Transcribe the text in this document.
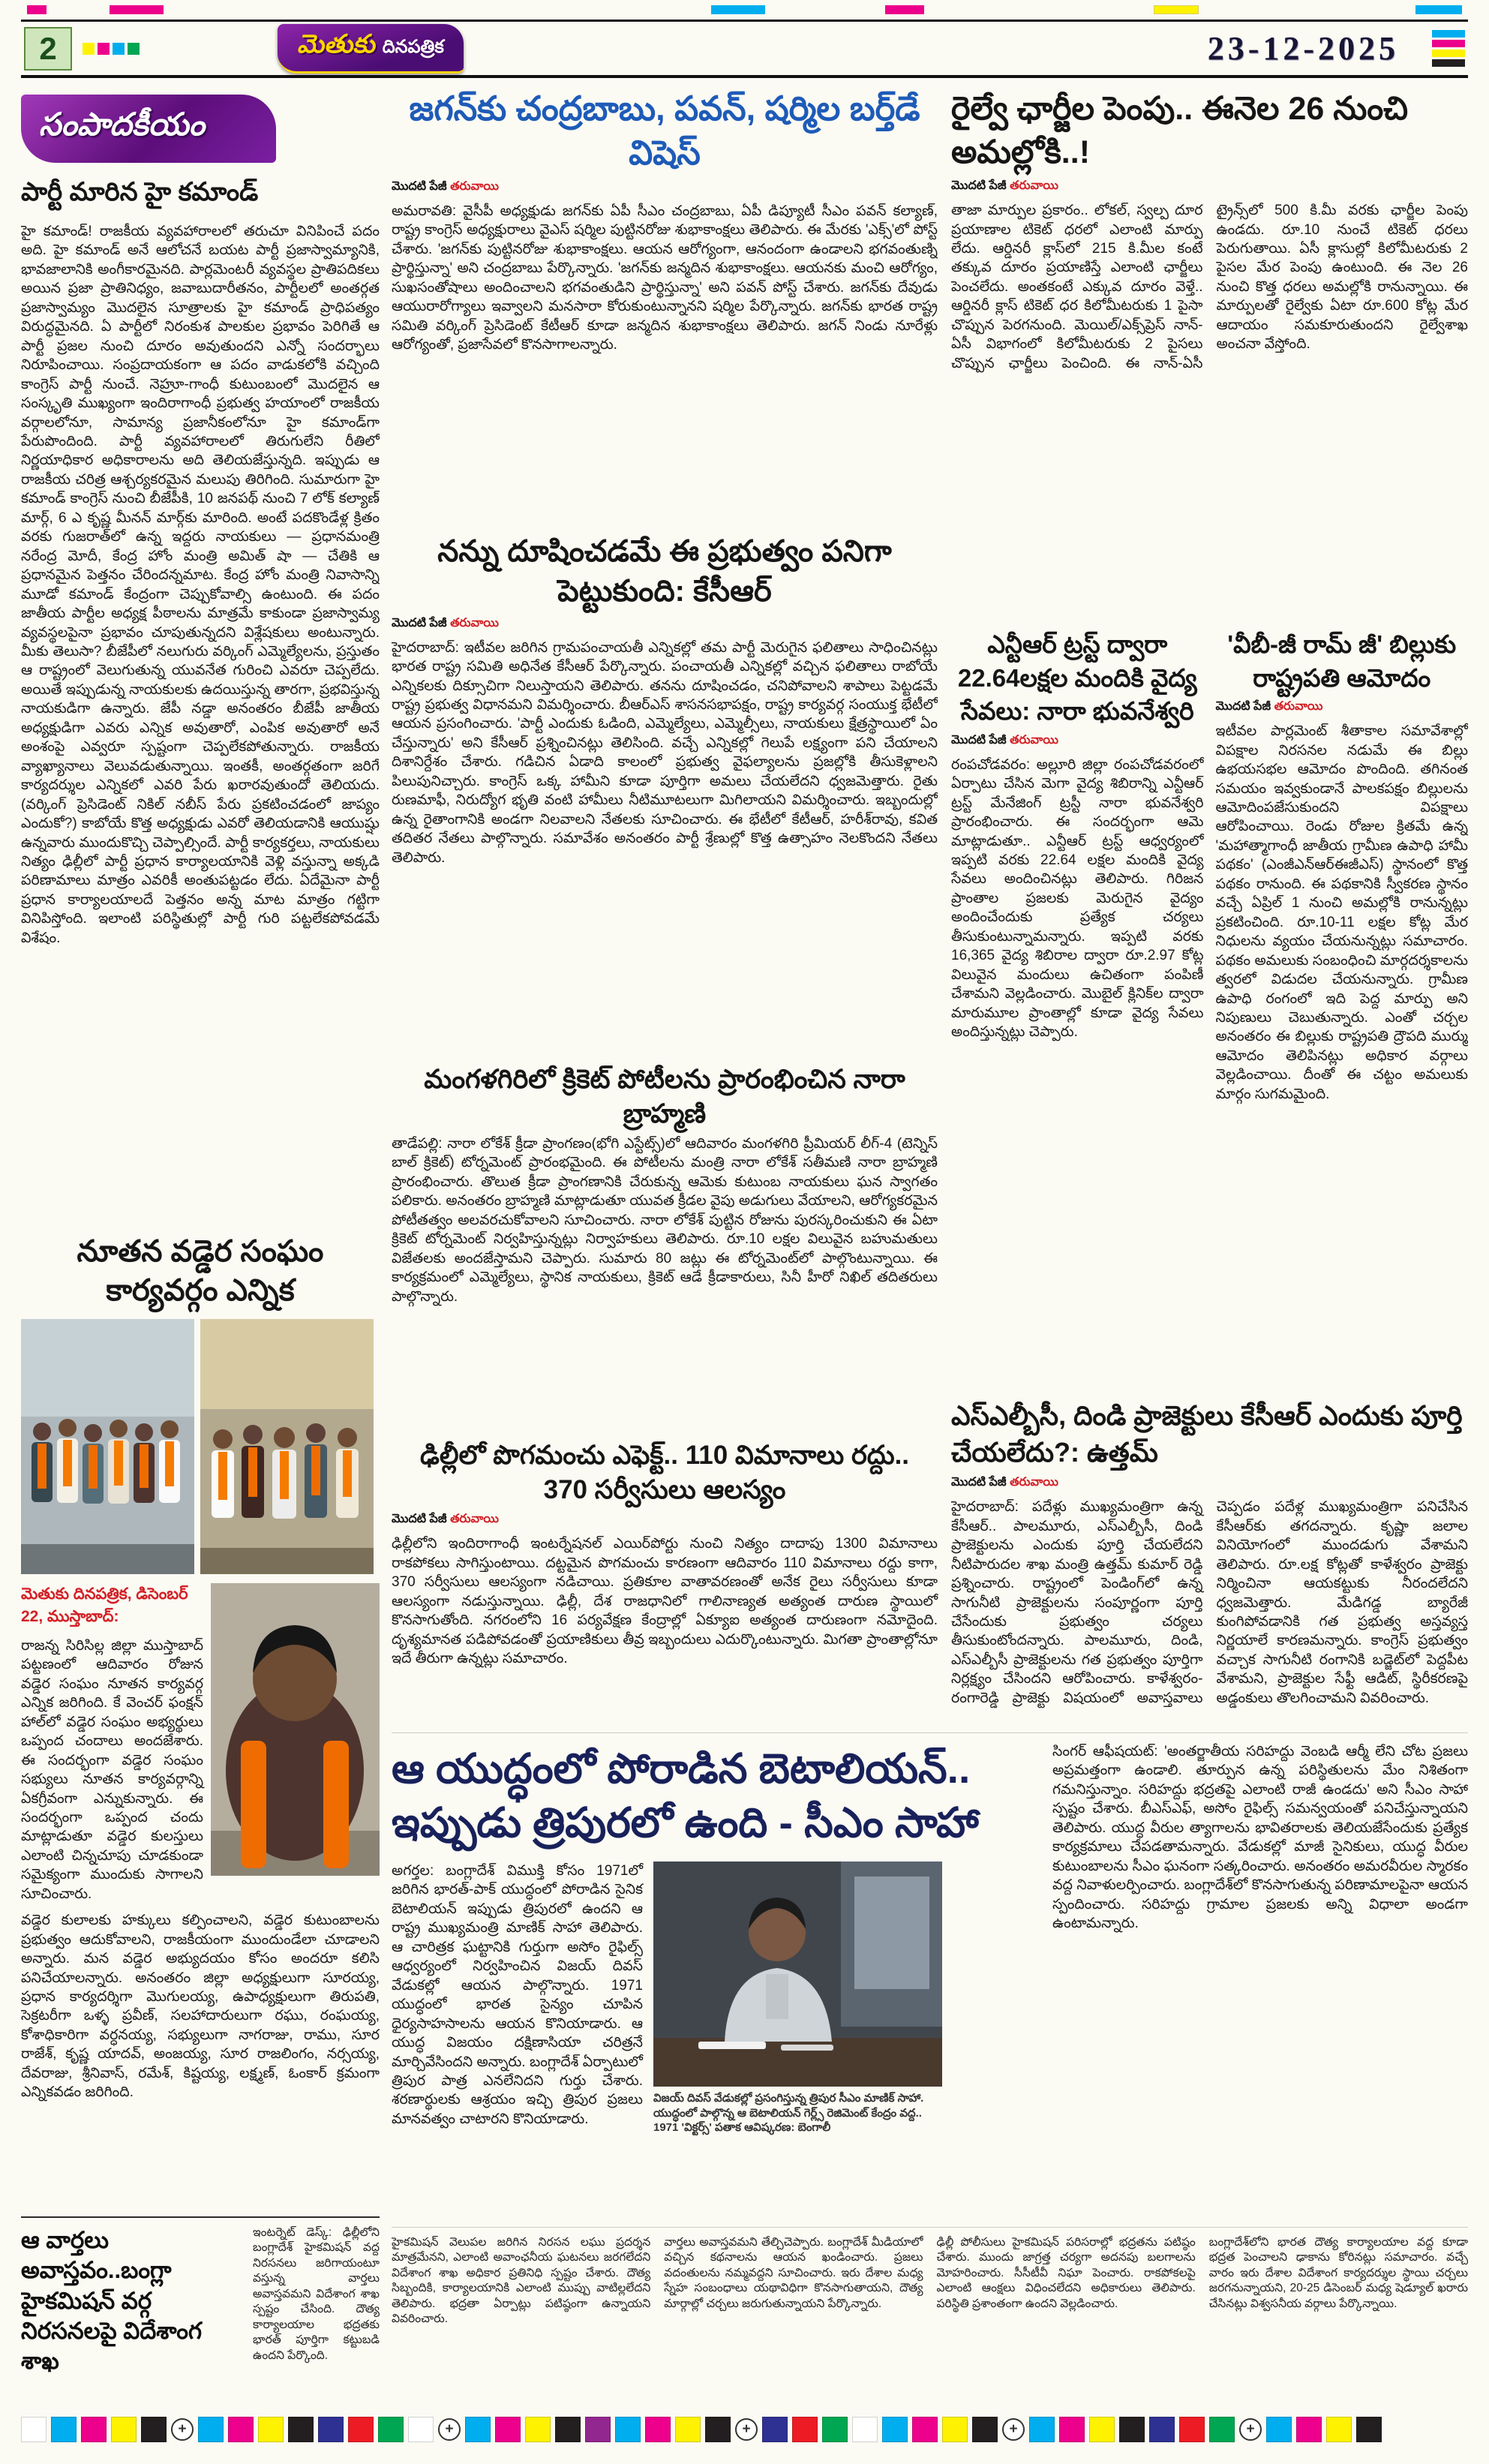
2	మెతుకు దినపత్రిక	23-12-2025
సంపాదకీయం
పార్టీ మారిన హై కమాండ్
హై కమాండ్! రాజకీయ వ్యవహారాలలో తరుచూ వినిపించే పదం అది. హై కమాండ్ అనే ఆలోచనే బయట పార్టీ ప్రజాస్వామ్యానికి, భావజాలానికి అంగీకారమైనది. పార్లమెంటరీ వ్యవస్థల ప్రాతిపదికలు అయిన ప్రజా ప్రాతినిధ్యం, జవాబుదారీతనం, పార్టీలలో అంతర్గత ప్రజాస్వామ్యం మొదలైన సూత్రాలకు హై కమాండ్ ప్రాధిపత్యం విరుద్ధమైనది. ఏ పార్టీలో నిరంకుశ పాలకుల ప్రభావం పెరిగితే ఆ పార్టీ ప్రజల నుంచి దూరం అవుతుందని ఎన్నో సందర్భాలు నిరూపించాయి. సంప్రదాయకంగా ఆ పదం వాడుకలోకి వచ్చింది కాంగ్రెస్ పార్టీ నుంచే. నెహ్రూ-గాంధీ కుటుంబంలో మొదలైన ఆ సంస్కృతి ముఖ్యంగా ఇందిరాగాంధీ ప్రభుత్వ హయాంలో రాజకీయ వర్గాలలోనూ, సామాన్య ప్రజానీకంలోనూ హై కమాండ్‌గా పేరుపొందింది. పార్టీ వ్యవహారాలలో తిరుగులేని రీతిలో నిర్ణయాధికార అధికారాలను అది తెలియజేస్తున్నది. ఇప్పుడు ఆ రాజకీయ చరిత్ర ఆశ్చర్యకరమైన మలుపు తిరిగింది. సుమారుగా హై కమాండ్ కాంగ్రెస్ నుంచి బీజేపీకి, 10 జనపథ్ నుంచి 7 లోక్ కల్యాణ్ మార్గ్, 6 ఎ కృష్ణ మీనన్ మార్గ్‌కు మారింది. అంటే పదకొండేళ్ల క్రితం వరకు గుజరాత్‌లో ఉన్న ఇద్దరు నాయకులు — ప్రధానమంత్రి నరేంద్ర మోదీ, కేంద్ర హోం మంత్రి అమిత్ షా — చేతికి ఆ ప్రధానమైన పెత్తనం చేరిందన్నమాట. కేంద్ర హోం మంత్రి నివాసాన్ని మూడో కమాండ్ కేంద్రంగా చెప్పుకోవాల్సి ఉంటుంది. ఈ పదం జాతీయ పార్టీల అధ్యక్ష పీఠాలను మాత్రమే కాకుండా ప్రజాస్వామ్య వ్యవస్థలపైనా ప్రభావం చూపుతున్నదని విశ్లేషకులు అంటున్నారు. మీకు తెలుసా? బీజేపీలో నలుగురు వర్కింగ్ ఎమ్మెల్యేలను, ప్రస్తుతం ఆ రాష్ట్రంలో వెలుగుతున్న యువనేత గురించి ఎవరూ చెప్పలేదు. అయితే ఇప్పుడున్న నాయకులకు ఉదయిస్తున్న తారగా, ప్రభవిస్తున్న నాయకుడిగా ఉన్నారు. జేపీ నడ్డా అనంతరం బీజేపీ జాతీయ అధ్యక్షుడిగా ఎవరు ఎన్నిక అవుతారో, ఎంపిక అవుతారో అనే అంశంపై ఎవ్వరూ స్పష్టంగా చెప్పలేకపోతున్నారు. రాజకీయ వ్యాఖ్యానాలు వెలువడుతున్నాయి. ఇంతకీ, అంతర్గతంగా జరిగే కార్యదర్శుల ఎన్నికలో ఎవరి పేరు ఖరారవుతుందో తెలియదు. (వర్కింగ్ ప్రెసిడెంట్ నికిల్ నబీస్ పేరు ప్రకటించడంలో జాప్యం ఎందుకో?) కాబోయే కొత్త అధ్యక్షుడు ఎవరో తెలియడానికి ఆయుష్షు ఉన్నవారు ముందుకొచ్చి చెప్పాల్సిందే. పార్టీ కార్యకర్తలు, నాయకులు నిత్యం ఢిల్లీలో పార్టీ ప్రధాన కార్యాలయానికి వెళ్లి వస్తున్నా అక్కడి పరిణామాలు మాత్రం ఎవరికీ అంతుపట్టడం లేదు. ఏదేమైనా పార్టీ ప్రధాన కార్యాలయాలదే పెత్తనం అన్న మాట మాత్రం గట్టిగా వినిపిస్తోంది. ఇలాంటి పరిస్థితుల్లో పార్టీ గురి పట్టలేకపోవడమే విశేషం.
నూతన వడ్డెర సంఘం కార్యవర్గం ఎన్నిక
మెతుకు దినపత్రిక, డిసెంబర్ 22, ముస్తాబాద్:

రాజన్న సిరిసిల్ల జిల్లా ముస్తాబాద్ పట్టణంలో ఆదివారం రోజున వడ్డెర సంఘం నూతన కార్యవర్గ ఎన్నిక జరిగింది. కే వెంచర్ ఫంక్షన్ హాల్‌లో వడ్డెర సంఘం అభ్యర్థులు ఒప్పంద చందాలు అందజేశారు. ఈ సందర్భంగా వడ్డెర సంఘం సభ్యులు నూతన కార్యవర్గాన్ని ఏకగ్రీవంగా ఎన్నుకున్నారు. ఈ సందర్భంగా ఒప్పంద చందు మాట్లాడుతూ వడ్డెర కులస్తులు ఎలాంటి చిన్నచూపు చూడకుండా సమైక్యంగా ముందుకు సాగాలని సూచించారు.

వడ్డెర కులాలకు హక్కులు కల్పించాలని, వడ్డెర కుటుంబాలను ప్రభుత్వం ఆదుకోవాలని, రాజకీయంగా ముందుండేలా చూడాలని అన్నారు. మన వడ్డెర అభ్యుదయం కోసం అందరూ కలిసి పనిచేయాలన్నారు. అనంతరం జిల్లా అధ్యక్షులుగా సూరయ్య, ప్రధాన కార్యదర్శిగా మొగులయ్య, ఉపాధ్యక్షులుగా తిరుపతి, సెక్రటరీగా ఒళ్ళ ప్రవీణ్, సలహాదారులుగా రఘు, రంఘయ్య, కోశాధికారిగా వర్ధనయ్య, సభ్యులుగా నాగరాజు, రాము, సూర రాజేశ్, కృష్ణ యాదవ్, అంజయ్య, సూర రాజలింగం, నర్సయ్య, దేవరాజు, శ్రీనివాస్, రమేశ్, కిష్టయ్య, లక్ష్మణ్, ఓంకార్ క్రమంగా ఎన్నికవడం జరిగింది.

ఆ వార్తలు అవాస్తవం..బంగ్లా హైకమిషన్ వర్గ నిరసనలపై విదేశాంగ శాఖ

ఇంటర్నెట్ డెస్క్: ఢిల్లీలోని బంగ్లాదేశ్ హైకమిషన్ వద్ద నిరసనలు జరిగాయంటూ వస్తున్న వార్తలు అవాస్తవమని విదేశాంగ శాఖ స్పష్టం చేసింది. దౌత్య కార్యాలయాల భద్రతకు భారత్ పూర్తిగా కట్టుబడి ఉందని పేర్కొంది.

జగన్‌కు చంద్రబాబు, పవన్, షర్మిల బర్త్‌డే విషెస్
మొదటి పేజీ తరువాయి
అమరావతి: వైసీపీ అధ్యక్షుడు జగన్‌కు ఏపీ సీఎం చంద్రబాబు, ఏపీ డిప్యూటీ సీఎం పవన్ కల్యాణ్, రాష్ట్ర కాంగ్రెస్ అధ్యక్షురాలు వైఎస్ షర్మిల పుట్టినరోజు శుభాకాంక్షలు తెలిపారు. ఈ మేరకు 'ఎక్స్'లో పోస్ట్ చేశారు. 'జగన్‌కు పుట్టినరోజు శుభాకాంక్షలు. ఆయన ఆరోగ్యంగా, ఆనందంగా ఉండాలని భగవంతుణ్ని ప్రార్థిస్తున్నా' అని చంద్రబాబు పేర్కొన్నారు. 'జగన్‌కు జన్మదిన శుభాకాంక్షలు. ఆయనకు మంచి ఆరోగ్యం, సుఖసంతోషాలు అందించాలని భగవంతుడిని ప్రార్థిస్తున్నా' అని పవన్ పోస్ట్ చేశారు. జగన్‌కు దేవుడు ఆయురారోగ్యాలు ఇవ్వాలని మనసారా కోరుకుంటున్నానని షర్మిల పేర్కొన్నారు. జగన్‌కు భారత రాష్ట్ర సమితి వర్కింగ్ ప్రెసిడెంట్ కేటీఆర్ కూడా జన్మదిన శుభాకాంక్షలు తెలిపారు. జగన్ నిండు నూరేళ్లు ఆరోగ్యంతో, ప్రజాసేవలో కొనసాగాలన్నారు.
నన్ను దూషించడమే ఈ ప్రభుత్వం పనిగా పెట్టుకుంది: కేసీఆర్
మొదటి పేజీ తరువాయి
హైదరాబాద్: ఇటీవల జరిగిన గ్రామపంచాయతీ ఎన్నికల్లో తమ పార్టీ మెరుగైన ఫలితాలు సాధించినట్లు భారత రాష్ట్ర సమితి అధినేత కేసీఆర్ పేర్కొన్నారు. పంచాయతీ ఎన్నికల్లో వచ్చిన ఫలితాలు రాబోయే ఎన్నికలకు దిక్సూచిగా నిలుస్తాయని తెలిపారు. తనను దూషించడం, చనిపోవాలని శాపాలు పెట్టడమే రాష్ట్ర ప్రభుత్వ విధానమని విమర్శించారు. బీఆర్ఎస్ శాసనసభాపక్షం, రాష్ట్ర కార్యవర్గ సంయుక్త భేటీలో ఆయన ప్రసంగించారు. 'పార్టీ ఎందుకు ఓడింది, ఎమ్మెల్యేలు, ఎమ్మెల్సీలు, నాయకులు క్షేత్రస్థాయిలో ఏం చేస్తున్నారు' అని కేసీఆర్ ప్రశ్నించినట్లు తెలిసింది. వచ్చే ఎన్నికల్లో గెలుపే లక్ష్యంగా పని చేయాలని దిశానిర్దేశం చేశారు. గడిచిన ఏడాది కాలంలో ప్రభుత్వ వైఫల్యాలను ప్రజల్లోకి తీసుకెళ్లాలని పిలుపునిచ్చారు. కాంగ్రెస్ ఒక్క హామీని కూడా పూర్తిగా అమలు చేయలేదని ధ్వజమెత్తారు. రైతు రుణమాఫీ, నిరుద్యోగ భృతి వంటి హామీలు నీటిమూటలుగా మిగిలాయని విమర్శించారు. ఇబ్బందుల్లో ఉన్న రైతాంగానికి అండగా నిలవాలని నేతలకు సూచించారు. ఈ భేటీలో కేటీఆర్, హరీశ్‌రావు, కవిత తదితర నేతలు పాల్గొన్నారు. సమావేశం అనంతరం పార్టీ శ్రేణుల్లో కొత్త ఉత్సాహం నెలకొందని నేతలు తెలిపారు.
మంగళగిరిలో క్రికెట్ పోటీలను ప్రారంభించిన నారా బ్రాహ్మణి
తాడేపల్లి: నారా లోకేశ్ క్రీడా ప్రాంగణం(భోగి ఎస్టేట్స్)లో ఆదివారం మంగళగిరి ప్రీమియర్ లీగ్-4 (టెన్నిస్ బాల్ క్రికెట్) టోర్నమెంట్ ప్రారంభమైంది. ఈ పోటీలను మంత్రి నారా లోకేశ్ సతీమణి నారా బ్రాహ్మణి ప్రారంభించారు. తొలుత క్రీడా ప్రాంగణానికి చేరుకున్న ఆమెకు కుటుంబ నాయకులు ఘన స్వాగతం పలికారు. అనంతరం బ్రాహ్మణి మాట్లాడుతూ యువత క్రీడల వైపు అడుగులు వేయాలని, ఆరోగ్యకరమైన పోటీతత్వం అలవరచుకోవాలని సూచించారు. నారా లోకేశ్ పుట్టిన రోజును పురస్కరించుకుని ఈ ఏటా క్రికెట్ టోర్నమెంట్ నిర్వహిస్తున్నట్లు నిర్వాహకులు తెలిపారు. రూ.10 లక్షల విలువైన బహుమతులు విజేతలకు అందజేస్తామని చెప్పారు. సుమారు 80 జట్లు ఈ టోర్నమెంట్‌లో పాల్గొంటున్నాయి. ఈ కార్యక్రమంలో ఎమ్మెల్యేలు, స్థానిక నాయకులు, క్రికెట్ ఆడే క్రీడాకారులు, సినీ హీరో నిఖిల్ తదితరులు పాల్గొన్నారు.
ఢిల్లీలో పొగమంచు ఎఫెక్ట్.. 110 విమానాలు రద్దు.. 370 సర్వీసులు ఆలస్యం
మొదటి పేజీ తరువాయి
ఢిల్లీలోని ఇందిరాగాంధీ ఇంటర్నేషనల్ ఎయిర్‌పోర్టు నుంచి నిత్యం దాదాపు 1300 విమానాలు రాకపోకలు సాగిస్తుంటాయి. దట్టమైన పొగమంచు కారణంగా ఆదివారం 110 విమానాలు రద్దు కాగా, 370 సర్వీసులు ఆలస్యంగా నడిచాయి. ప్రతికూల వాతావరణంతో అనేక రైలు సర్వీసులు కూడా ఆలస్యంగా నడుస్తున్నాయి. ఢిల్లీ, దేశ రాజధానిలో గాలినాణ్యత అత్యంత దారుణ స్థాయిలో కొనసాగుతోంది. నగరంలోని 16 పర్యవేక్షణ కేంద్రాల్లో ఏక్యూఐ అత్యంత దారుణంగా నమోదైంది. దృశ్యమానత పడిపోవడంతో ప్రయాణికులు తీవ్ర ఇబ్బందులు ఎదుర్కొంటున్నారు. మిగతా ప్రాంతాల్లోనూ ఇదే తీరుగా ఉన్నట్లు సమాచారం.
రైల్వే ఛార్జీల పెంపు.. ఈనెల 26 నుంచి అమల్లోకి..!
మొదటి పేజీ తరువాయి
తాజా మార్పుల ప్రకారం.. లోకల్, స్వల్ప దూర ప్రయాణాల టికెట్ ధరలో ఎలాంటి మార్పు లేదు. ఆర్డినరీ క్లాస్‌లో 215 కి.మీల కంటే తక్కువ దూరం ప్రయాణిస్తే ఎలాంటి ఛార్జీలు పెంచలేదు. అంతకంటే ఎక్కువ దూరం వెళ్తే.. ఆర్డినరీ క్లాస్ టికెట్ ధర కిలోమీటరుకు 1 పైసా చొప్పున పెరగనుంది. మెయిల్/ఎక్స్‌ప్రెస్ నాన్-ఏసీ విభాగంలో కిలోమీటరుకు 2 పైసలు చొప్పున ఛార్జీలు పెంచింది. ఈ నాన్-ఏసీ ట్రైన్స్‌లో 500 కి.మీ వరకు ఛార్జీల పెంపు ఉండదు. రూ.10 నుంచే టికెట్ ధరలు పెరుగుతాయి. ఏసీ క్లాసుల్లో కిలోమీటరుకు 2 పైసల మేర పెంపు ఉంటుంది. ఈ నెల 26 నుంచి కొత్త ధరలు అమల్లోకి రానున్నాయి. ఈ మార్పులతో రైల్వేకు ఏటా రూ.600 కోట్ల మేర ఆదాయం సమకూరుతుందని రైల్వేశాఖ అంచనా వేస్తోంది.
ఎన్టీఆర్ ట్రస్ట్ ద్వారా 22.64లక్షల మందికి వైద్య సేవలు: నారా భువనేశ్వరి
మొదటి పేజీ తరువాయి
రంపచోడవరం: అల్లూరి జిల్లా రంపచోడవరంలో ఏర్పాటు చేసిన మెగా వైద్య శిబిరాన్ని ఎన్టీఆర్ ట్రస్ట్ మేనేజింగ్ ట్రస్టీ నారా భువనేశ్వరి ప్రారంభించారు. ఈ సందర్భంగా ఆమె మాట్లాడుతూ.. ఎన్టీఆర్ ట్రస్ట్ ఆధ్వర్యంలో ఇప్పటి వరకు 22.64 లక్షల మందికి వైద్య సేవలు అందించినట్లు తెలిపారు. గిరిజన ప్రాంతాల ప్రజలకు మెరుగైన వైద్యం అందించేందుకు ప్రత్యేక చర్యలు తీసుకుంటున్నామన్నారు. ఇప్పటి వరకు 16,365 వైద్య శిబిరాల ద్వారా రూ.2.97 కోట్ల విలువైన మందులు ఉచితంగా పంపిణీ చేశామని వెల్లడించారు. మొబైల్ క్లినిక్‌ల ద్వారా మారుమూల ప్రాంతాల్లో కూడా వైద్య సేవలు అందిస్తున్నట్లు చెప్పారు.
'వీబీ-జీ రామ్ జీ' బిల్లుకు రాష్ట్రపతి ఆమోదం
మొదటి పేజీ తరువాయి
ఇటీవల పార్లమెంట్ శీతాకాల సమావేశాల్లో విపక్షాల నిరసనల నడుమే ఈ బిల్లు ఉభయసభల ఆమోదం పొందింది. తగినంత సమయం ఇవ్వకుండానే పాలకపక్షం బిల్లులను ఆమోదింపజేసుకుందని విపక్షాలు ఆరోపించాయి. రెండు రోజుల క్రితమే ఉన్న 'మహాత్మాగాంధీ జాతీయ గ్రామీణ ఉపాధి హామీ పథకం' (ఎంజీఎన్ఆర్ఈజీఎస్) స్థానంలో కొత్త పథకం రానుంది. ఈ పథకానికి స్వీకరణ స్థానం వచ్చే ఏప్రిల్ 1 నుంచి అమల్లోకి రానున్నట్లు ప్రకటించింది. రూ.10-11 లక్షల కోట్ల మేర నిధులను వ్యయం చేయనున్నట్లు సమాచారం. పథకం అమలుకు సంబంధించి మార్గదర్శకాలను త్వరలో విడుదల చేయనున్నారు. గ్రామీణ ఉపాధి రంగంలో ఇది పెద్ద మార్పు అని నిపుణులు చెబుతున్నారు. ఎంతో చర్చల అనంతరం ఈ బిల్లుకు రాష్ట్రపతి ద్రౌపది ముర్ము ఆమోదం తెలిపినట్లు అధికార వర్గాలు వెల్లడించాయి. దీంతో ఈ చట్టం అమలుకు మార్గం సుగమమైంది.
ఎస్ఎల్బీసీ, దిండి ప్రాజెక్టులు కేసీఆర్ ఎందుకు పూర్తి చేయలేదు?: ఉత్తమ్
మొదటి పేజీ తరువాయి
హైదరాబాద్: పదేళ్లు ముఖ్యమంత్రిగా ఉన్న కేసీఆర్.. పాలమూరు, ఎస్ఎల్బీసీ, దిండి ప్రాజెక్టులను ఎందుకు పూర్తి చేయలేదని నీటిపారుదల శాఖ మంత్రి ఉత్తమ్ కుమార్ రెడ్డి ప్రశ్నించారు. రాష్ట్రంలో పెండింగ్‌లో ఉన్న సాగునీటి ప్రాజెక్టులను సంపూర్ణంగా పూర్తి చేసేందుకు ప్రభుత్వం చర్యలు తీసుకుంటోందన్నారు. పాలమూరు, దిండి, ఎస్ఎల్బీసీ ప్రాజెక్టులను గత ప్రభుత్వం పూర్తిగా నిర్లక్ష్యం చేసిందని ఆరోపించారు. కాళేశ్వరం-రంగారెడ్డి ప్రాజెక్టు విషయంలో అవాస్తవాలు చెప్పడం పదేళ్ల ముఖ్యమంత్రిగా పనిచేసిన కేసీఆర్‌కు తగదన్నారు. కృష్ణా జలాల వినియోగంలో ముందడుగు వేశామని తెలిపారు. రూ.లక్ష కోట్లతో కాళేశ్వరం ప్రాజెక్టు నిర్మించినా ఆయకట్టుకు నీరందలేదని ధ్వజమెత్తారు. మేడిగడ్డ బ్యారేజీ కుంగిపోవడానికి గత ప్రభుత్వ అస్తవ్యస్త నిర్ణయాలే కారణమన్నారు. కాంగ్రెస్ ప్రభుత్వం వచ్చాక సాగునీటి రంగానికి బడ్జెట్‌లో పెద్దపీట వేశామని, ప్రాజెక్టుల సేఫ్టీ ఆడిట్, స్థిరీకరణపై అడ్డంకులు తొలగించామని వివరించారు.
ఆ యుద్ధంలో పోరాడిన బెటాలియన్.. ఇప్పుడు త్రిపురలో ఉంది - సీఎం సాహా

అగర్తల: బంగ్లాదేశ్ విముక్తి కోసం 1971లో జరిగిన భారత్-పాక్ యుద్ధంలో పోరాడిన సైనిక బెటాలియన్ ఇప్పుడు త్రిపురలో ఉందని ఆ రాష్ట్ర ముఖ్యమంత్రి మాణిక్ సాహా తెలిపారు. ఆ చారిత్రక ఘట్టానికి గుర్తుగా అసోం రైఫిల్స్ ఆధ్వర్యంలో నిర్వహించిన విజయ్ దివస్ వేడుకల్లో ఆయన పాల్గొన్నారు. 1971 యుద్ధంలో భారత సైన్యం చూపిన ధైర్యసాహసాలను ఆయన కొనియాడారు. ఆ యుద్ధ విజయం దక్షిణాసియా చరిత్రనే మార్చివేసిందని అన్నారు. బంగ్లాదేశ్ ఏర్పాటులో త్రిపుర పాత్ర ఎనలేనిదని గుర్తు చేశారు. శరణార్థులకు ఆశ్రయం ఇచ్చి త్రిపుర ప్రజలు మానవత్వం చాటారని కొనియాడారు.

విజయ్ దివస్ వేడుకల్లో ప్రసంగిస్తున్న త్రిపుర సీఎం మాణిక్ సాహా. యుద్ధంలో పాల్గొన్న ఆ బెటాలియన్ గెర్ల్స్ రెజిమెంట్ కేంద్రం వద్ద.. 1971 'విక్టర్స్' పతాక ఆవిష్కరణ: బెంగాలీ

సింగర్ ఆఫీషయట్: 'అంతర్జాతీయ సరిహద్దు వెంబడి ఆర్మీ లేని చోట ప్రజలు అప్రమత్తంగా ఉండాలి. తూర్పున ఉన్న పరిస్థితులను మేం నిశితంగా గమనిస్తున్నాం. సరిహద్దు భద్రతపై ఎలాంటి రాజీ ఉండదు' అని సీఎం సాహా స్పష్టం చేశారు. బీఎస్ఎఫ్, అసోం రైఫిల్స్ సమన్వయంతో పనిచేస్తున్నాయని తెలిపారు. యుద్ధ వీరుల త్యాగాలను భావితరాలకు తెలియజేసేందుకు ప్రత్యేక కార్యక్రమాలు చేపడతామన్నారు. వేడుకల్లో మాజీ సైనికులు, యుద్ధ వీరుల కుటుంబాలను సీఎం ఘనంగా సత్కరించారు. అనంతరం అమరవీరుల స్మారకం వద్ద నివాళులర్పించారు. బంగ్లాదేశ్‌లో కొనసాగుతున్న పరిణామాలపైనా ఆయన స్పందించారు. సరిహద్దు గ్రామాల ప్రజలకు అన్ని విధాలా అండగా ఉంటామన్నారు.

హైకమిషన్ వెలుపల జరిగిన నిరసన లఘు ప్రదర్శన మాత్రమేనని, ఎలాంటి అవాంఛనీయ ఘటనలు జరగలేదని విదేశాంగ శాఖ అధికార ప్రతినిధి స్పష్టం చేశారు. దౌత్య సిబ్బందికి, కార్యాలయానికి ఎలాంటి ముప్పు వాటిల్లలేదని తెలిపారు. భద్రతా ఏర్పాట్లు పటిష్ఠంగా ఉన్నాయని వివరించారు.

వార్తలు అవాస్తవమని తేల్చిచెప్పారు. బంగ్లాదేశ్ మీడియాలో వచ్చిన కథనాలను ఆయన ఖండించారు. ప్రజలు వదంతులను నమ్మవద్దని సూచించారు. ఇరు దేశాల మధ్య స్నేహ సంబంధాలు యథావిధిగా కొనసాగుతాయని, దౌత్య మార్గాల్లో చర్చలు జరుగుతున్నాయని పేర్కొన్నారు.

ఢిల్లీ పోలీసులు హైకమిషన్ పరిసరాల్లో భద్రతను పటిష్ఠం చేశారు. ముందు జాగ్రత్త చర్యగా అదనపు బలగాలను మోహరించారు. సీసీటీవీ నిఘా పెంచారు. రాకపోకలపై ఎలాంటి ఆంక్షలు విధించలేదని అధికారులు తెలిపారు. పరిస్థితి ప్రశాంతంగా ఉందని వెల్లడించారు.

బంగ్లాదేశ్‌లోని భారత దౌత్య కార్యాలయాల వద్ద కూడా భద్రత పెంచాలని ఢాకాను కోరినట్లు సమాచారం. వచ్చే వారం ఇరు దేశాల విదేశాంగ కార్యదర్శుల స్థాయి చర్చలు జరగనున్నాయని, 20-25 డిసెంబర్ మధ్య షెడ్యూల్ ఖరారు చేసినట్లు విశ్వసనీయ వర్గాలు పేర్కొన్నాయి.

+	+	+	+	+
